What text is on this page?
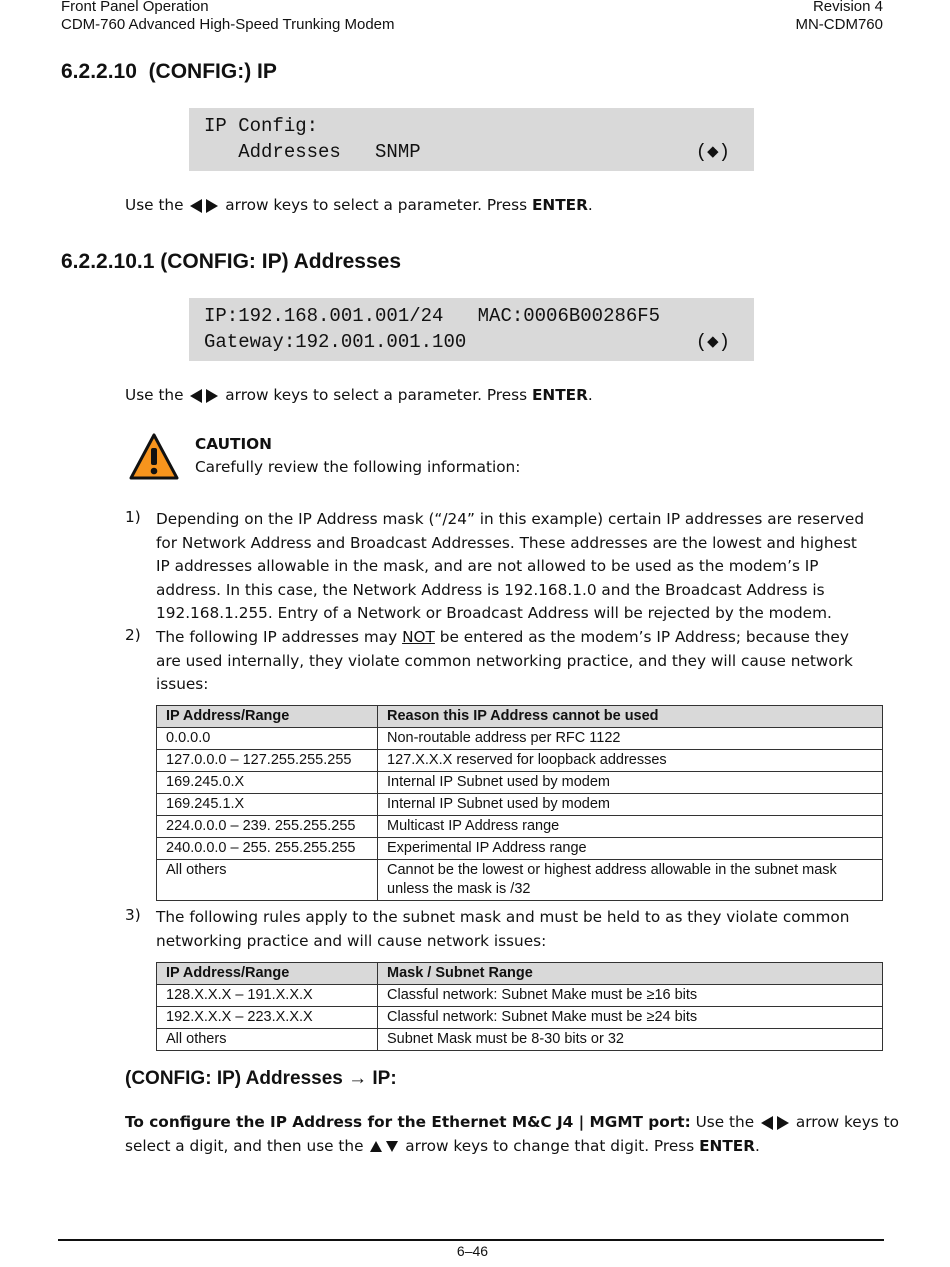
Front Panel Operation
CDM-760 Advanced High-Speed Trunking Modem
Revision 4
MN-CDM760
6.2.2.10  (CONFIG:) IP

IP Config:

Addresses   SNMP

	(◆)

Use the	arrow keys to select a parameter. Press ENTER.
6.2.2.10.1 (CONFIG: IP) Addresses

IP:192.168.001.001/24   MAC:0006B00286F5

Gateway:192.001.001.100

	(◆)

Use the	arrow keys to select a parameter. Press ENTER.
CAUTION
Carefully review the following information:
1) Depending on the IP Address mask (“/24” in this example) certain IP addresses are reserved
for Network Address and Broadcast Addresses. These addresses are the lowest and highest
IP addresses allowable in the mask, and are not allowed to be used as the modem’s IP
address. In this case, the Network Address is 192.168.1.0 and the Broadcast Address is
192.168.1.255. Entry of a Network or Broadcast Address will be rejected by the modem.
2) The following IP addresses may NOT be entered as the modem’s IP Address; because they
are used internally, they violate common networking practice, and they will cause network
issues:
IP Address/Range	Reason this IP Address cannot be used
0.0.0.0	Non-routable address per RFC 1122
127.0.0.0 – 127.255.255.255	127.X.X.X reserved for loopback addresses
169.245.0.X	Internal IP Subnet used by modem
169.245.1.X	Internal IP Subnet used by modem
224.0.0.0 – 239. 255.255.255	Multicast IP Address range
240.0.0.0 – 255. 255.255.255	Experimental IP Address range
All others	Cannot be the lowest or highest address allowable in the subnet mask unless the mask is /32
3) The following rules apply to the subnet mask and must be held to as they violate common
networking practice and will cause network issues:
IP Address/Range	Mask / Subnet Range
128.X.X.X – 191.X.X.X	Classful network: Subnet Make must be ≥16 bits
192.X.X.X – 223.X.X.X	Classful network: Subnet Make must be ≥24 bits
All others	Subnet Mask must be 8-30 bits or 32
(CONFIG: IP) Addresses → IP:
To configure the IP Address for the Ethernet M&C J4 | MGMT port: Use the	arrow keys to
select a digit, and then use the	arrow keys to change that digit. Press ENTER.
6–46
